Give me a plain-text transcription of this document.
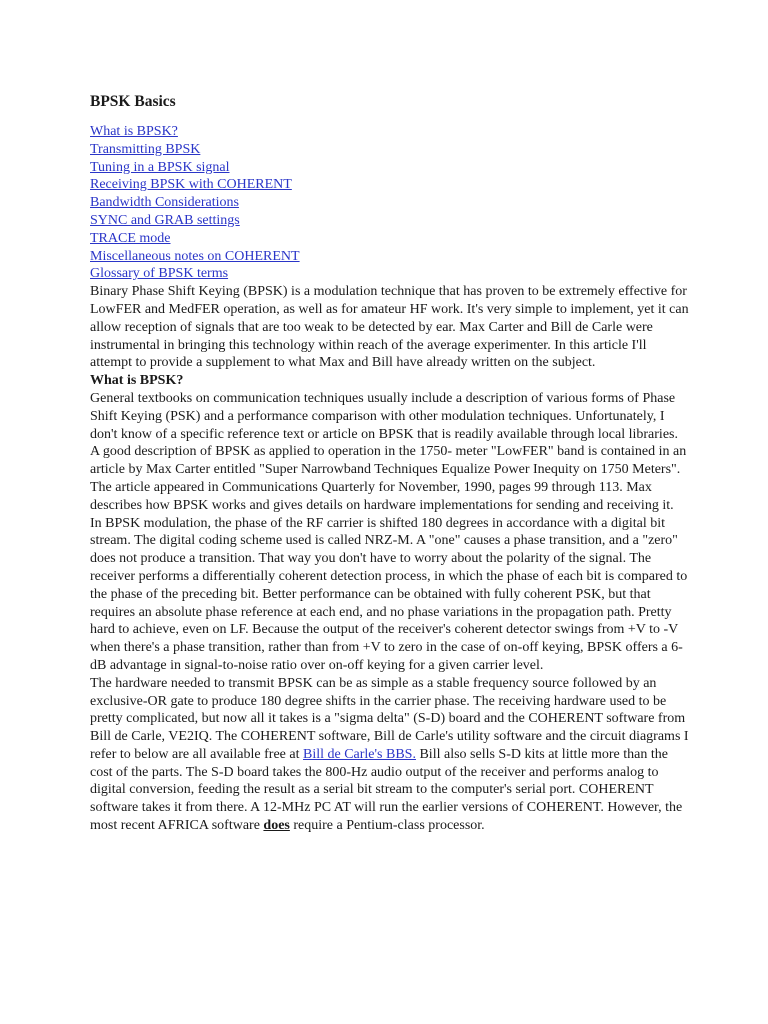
BPSK Basics
What is BPSK?
Transmitting BPSK
Tuning in a BPSK signal
Receiving BPSK with COHERENT
Bandwidth Considerations
SYNC and GRAB settings
TRACE mode
Miscellaneous notes on COHERENT
Glossary of BPSK terms

Binary Phase Shift Keying (BPSK) is a modulation technique that has proven to be extremely effective for LowFER and MedFER operation, as well as for amateur HF work. It's very simple to implement, yet it can allow reception of signals that are too weak to be detected by ear. Max Carter and Bill de Carle were instrumental in bringing this technology within reach of the average experimenter. In this article I'll attempt to provide a supplement to what Max and Bill have already written on the subject.

What is BPSK?

General textbooks on communication techniques usually include a description of various forms of Phase Shift Keying (PSK) and a performance comparison with other modulation techniques. Unfortunately, I don't know of a specific reference text or article on BPSK that is readily available through local libraries. A good description of BPSK as applied to operation in the 1750- meter "LowFER" band is contained in an article by Max Carter entitled "Super Narrowband Techniques Equalize Power Inequity on 1750 Meters". The article appeared in Communications Quarterly for November, 1990, pages 99 through 113. Max describes how BPSK works and gives details on hardware implementations for sending and receiving it.

In BPSK modulation, the phase of the RF carrier is shifted 180 degrees in accordance with a digital bit stream. The digital coding scheme used is called NRZ-M. A "one" causes a phase transition, and a "zero" does not produce a transition. That way you don't have to worry about the polarity of the signal. The receiver performs a differentially coherent detection process, in which the phase of each bit is compared to the phase of the preceding bit. Better performance can be obtained with fully coherent PSK, but that requires an absolute phase reference at each end, and no phase variations in the propagation path. Pretty hard to achieve, even on LF. Because the output of the receiver's coherent detector swings from +V to -V when there's a phase transition, rather than from +V to zero in the case of on-off keying, BPSK offers a 6-dB advantage in signal-to-noise ratio over on-off keying for a given carrier level.

The hardware needed to transmit BPSK can be as simple as a stable frequency source followed by an exclusive-OR gate to produce 180 degree shifts in the carrier phase. The receiving hardware used to be pretty complicated, but now all it takes is a "sigma delta" (S-D) board and the COHERENT software from Bill de Carle, VE2IQ. The COHERENT software, Bill de Carle's utility software and the circuit diagrams I refer to below are all available free at Bill de Carle's BBS. Bill also sells S-D kits at little more than the cost of the parts. The S-D board takes the 800-Hz audio output of the receiver and performs analog to digital conversion, feeding the result as a serial bit stream to the computer's serial port. COHERENT software takes it from there. A 12-MHz PC AT will run the earlier versions of COHERENT. However, the most recent AFRICA software does require a Pentium-class processor.
